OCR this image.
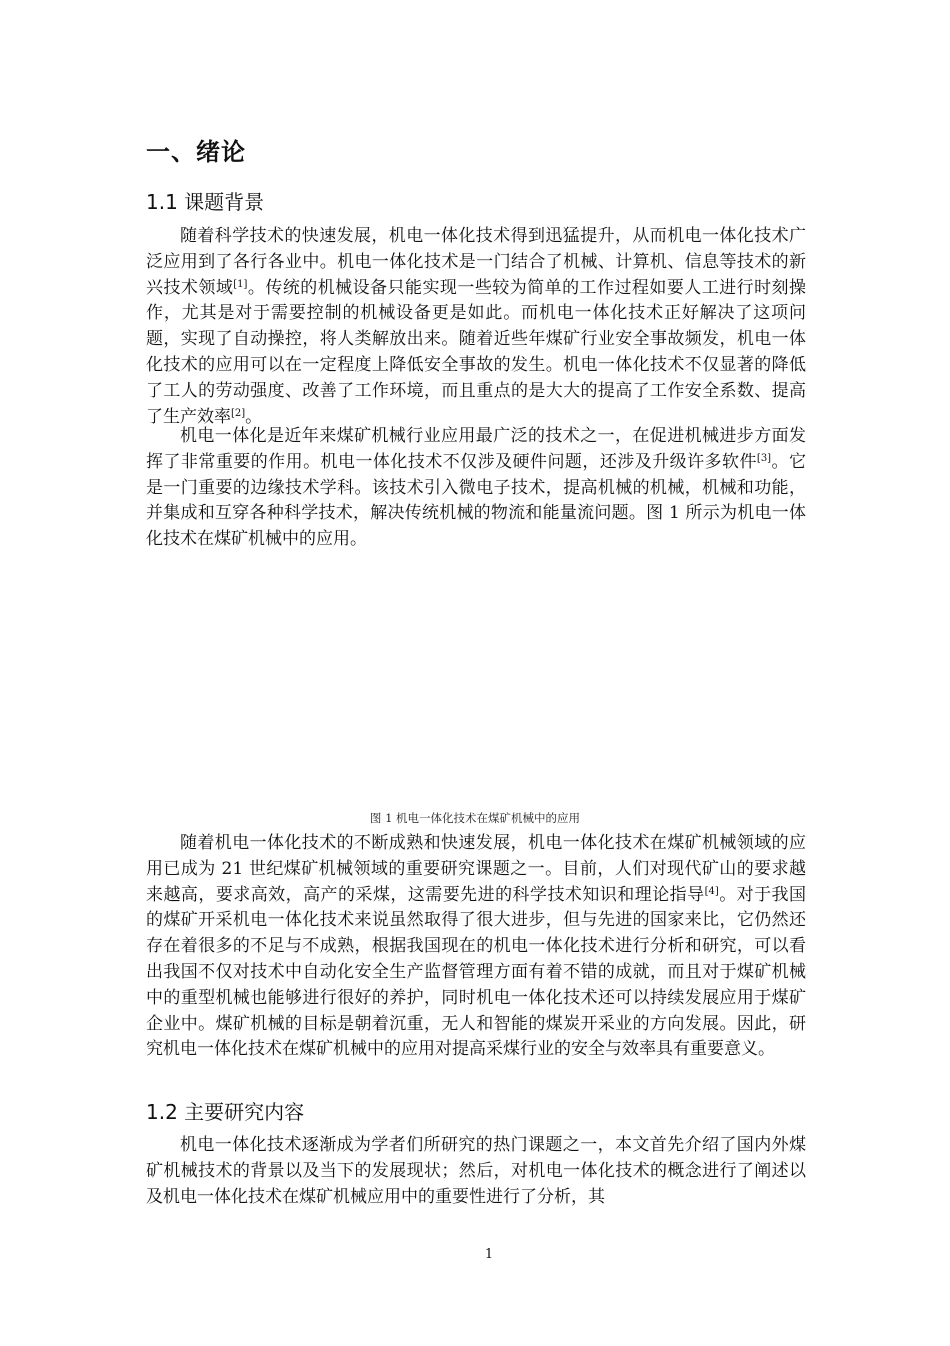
一、绪论
1.1 课题背景

随着科学技术的快速发展，机电一体化技术得到迅猛提升，从而机电一体化技术广泛应用到了各行各业中。机电一体化技术是一门结合了机械、计算机、信息等技术的新兴技术领域[1]。传统的机械设备只能实现一些较为简单的工作过程如要人工进行时刻操作，尤其是对于需要控制的机械设备更是如此。而机电一体化技术正好解决了这项问题，实现了自动操控，将人类解放出来。随着近些年煤矿行业安全事故频发，机电一体化技术的应用可以在一定程度上降低安全事故的发生。机电一体化技术不仅显著的降低了工人的劳动强度、改善了工作环境，而且重点的是大大的提高了工作安全系数、提高了生产效率[2]。

机电一体化是近年来煤矿机械行业应用最广泛的技术之一，在促进机械进步方面发挥了非常重要的作用。机电一体化技术不仅涉及硬件问题，还涉及升级许多软件[3]。它是一门重要的边缘技术学科。该技术引入微电子技术，提高机械的机械，机械和功能，并集成和互穿各种科学技术，解决传统机械的物流和能量流问题。图 1 所示为机电一体化技术在煤矿机械中的应用。

图 1 机电一体化技术在煤矿机械中的应用

随着机电一体化技术的不断成熟和快速发展，机电一体化技术在煤矿机械领域的应用已成为 21 世纪煤矿机械领域的重要研究课题之一。目前，人们对现代矿山的要求越来越高，要求高效，高产的采煤，这需要先进的科学技术知识和理论指导[4]。对于我国的煤矿开采机电一体化技术来说虽然取得了很大进步，但与先进的国家来比，它仍然还存在着很多的不足与不成熟，根据我国现在的机电一体化技术进行分析和研究，可以看出我国不仅对技术中自动化安全生产监督管理方面有着不错的成就，而且对于煤矿机械中的重型机械也能够进行很好的养护，同时机电一体化技术还可以持续发展应用于煤矿企业中。煤矿机械的目标是朝着沉重，无人和智能的煤炭开采业的方向发展。因此，研究机电一体化技术在煤矿机械中的应用对提高采煤行业的安全与效率具有重要意义。

1.2 主要研究内容

机电一体化技术逐渐成为学者们所研究的热门课题之一，本文首先介绍了国内外煤矿机械技术的背景以及当下的发展现状；然后，对机电一体化技术的概念进行了阐述以及机电一体化技术在煤矿机械应用中的重要性进行了分析，其

1
